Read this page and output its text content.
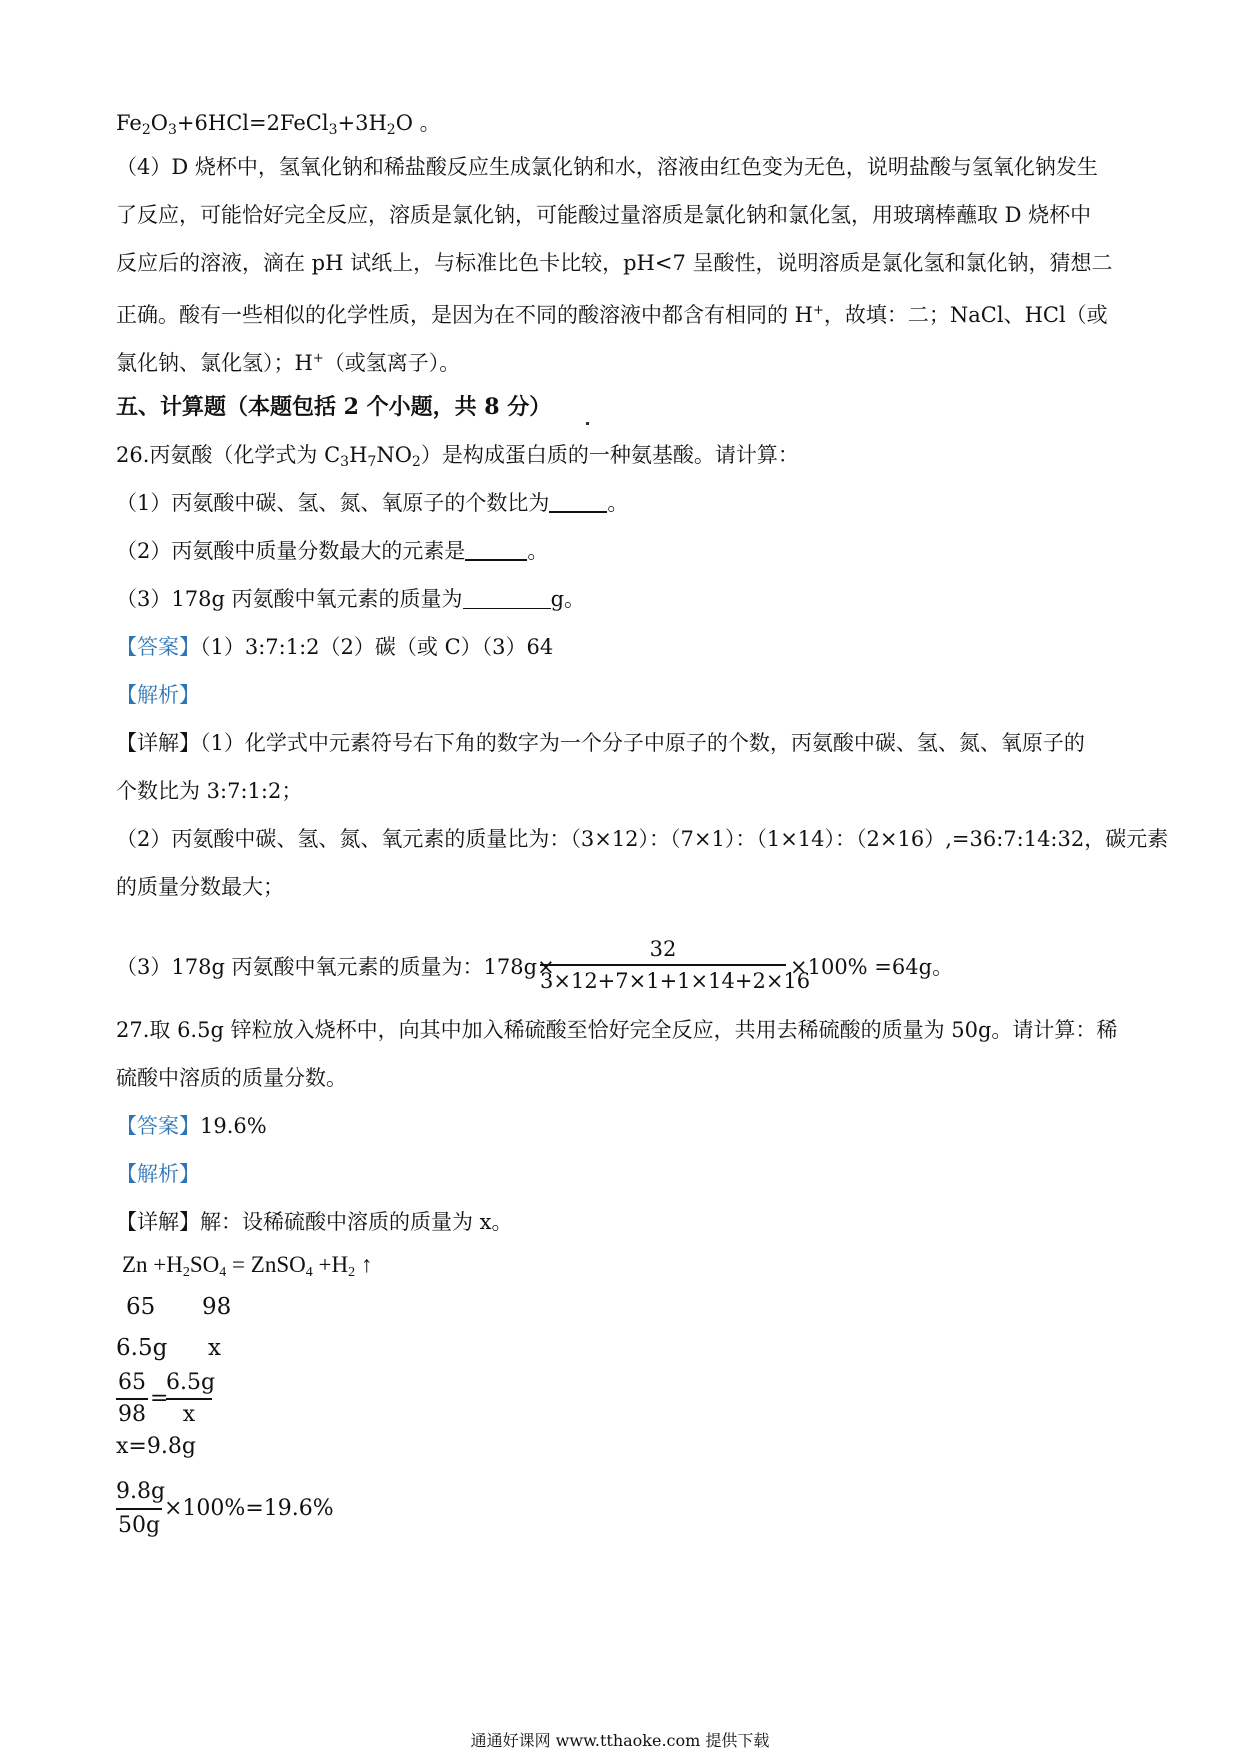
$Fe_2O_3+6HCl=2FeCl_3+3H_2O$ 。
（4）D 烧杯中，氢氧化钠和稀盐酸反应生成氯化钠和水，溶液由红色变为无色，说明盐酸与氢氧化钠发生
了反应，可能恰好完全反应，溶质是氯化钠，可能酸过量溶质是氯化钠和氯化氢，用玻璃棒蘸取 D 烧杯中
反应后的溶液，滴在 pH 试纸上，与标准比色卡比较，pH<7 呈酸性，说明溶质是氯化氢和氯化钠，猜想二
正确。酸有一些相似的化学性质，是因为在不同的酸溶液中都含有相同的 H+，故填：二；NaCl、HCl（或
氯化钠、氯化氢）；H+（或氢离子）。
五、计算题（本题包括 2 个小题，共 8 分）
26.丙氨酸（化学式为 $C_3H_7NO_2$）是构成蛋白质的一种氨基酸。请计算：
（1）丙氨酸中碳、氢、氮、氧原子的个数比为	。
（2）丙氨酸中质量分数最大的元素是	。
（3）178g 丙氨酸中氧元素的质量为	g。
【答案】（1）3:7:1:2（2）碳（或 C）（3）64
【解析】
【详解】（1）化学式中元素符号右下角的数字为一个分子中原子的个数，丙氨酸中碳、氢、氮、氧原子的
个数比为 3:7:1:2；
（2）丙氨酸中碳、氢、氮、氧元素的质量比为：（3×12）：（7×1）：（1×14）：（2×16）,=36:7:14:32，碳元素
的质量分数最大；
（3）178g 丙氨酸中氧元素的质量为：178g×
$\frac{32}{3\times 12+7\times 1+1\times 14+2\times 16} \times 100\% =64g$。
27.取 6.5g 锌粒放入烧杯中，向其中加入稀硫酸至恰好完全反应，共用去稀硫酸的质量为 50g。请计算：稀
硫酸中溶质的质量分数。
【答案】19.6%
【解析】
【详解】解：设稀硫酸中溶质的质量为 x。
$Zn +H_2SO_4$ = ZnSO$_4$ $+H_2$ ↑
65 98
6.5g x
$\frac{65}{98}$ =
$\frac{6.5g}{x}$
x=9.8g
$\frac{9.8g}{50g} \times 100\%=19.6\%$
通通好课网 www.tthaoke.com 提供下载
